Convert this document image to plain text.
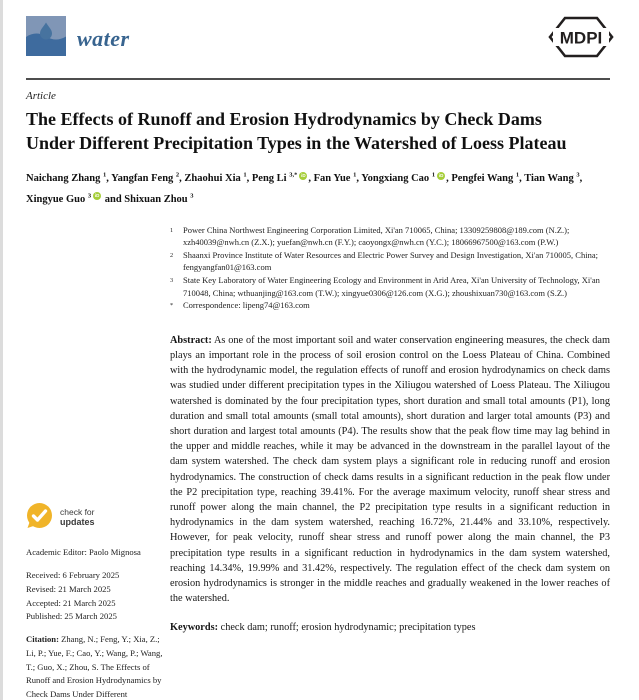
water	MDPI
Article
The Effects of Runoff and Erosion Hydrodynamics by Check Dams Under Different Precipitation Types in the Watershed of Loess Plateau
Naichang Zhang $^1$, Yangfan Feng $^2$, Zhaohui Xia $^1$, Peng Li $^{3,*}$ iD , Fan Yue $^1$, Yongxiang Cao $^1$ iD , Pengfei Wang $^1$, Tian Wang $^3$, Xingyue Guo $^3$ iD and Shixuan Zhou $^3$
check for
updates
Academic Editor: Paolo Mignosa
Received: 6 February 2025
Revised: 21 March 2025
Accepted: 21 March 2025
Published: 25 March 2025
Citation: Zhang, N.; Feng, Y.; Xia, Z.; Li, P.; Yue, F.; Cao, Y.; Wang, P.; Wang, T.; Guo, X.; Zhou, S. The Effects of Runoff and Erosion Hydrodynamics by Check Dams Under Different
1	Power China Northwest Engineering Corporation Limited, Xi'an 710065, China; 13309259808@189.com (N.Z.); xzh40039@nwh.cn (Z.X.); yuefan@nwh.cn (F.Y.); caoyongx@nwh.cn (Y.C.); 18066967500@163.com (P.W.)
2	Shaanxi Province Institute of Water Resources and Electric Power Survey and Design Investigation, Xi'an 710005, China; fengyangfan01@163.com
3	State Key Laboratory of Water Engineering Ecology and Environment in Arid Area, Xi'an University of Technology, Xi'an 710048, China; wthuanjing@163.com (T.W.); xingyue0306@126.com (X.G.); zhoushixuan730@163.com (S.Z.)
*	Correspondence: lipeng74@163.com
Abstract: As one of the most important soil and water conservation engineering measures, the check dam plays an important role in the process of soil erosion control on the Loess Plateau of China. Combined with the hydrodynamic model, the regulation effects of runoff and erosion hydrodynamics on check dams was studied under different precipitation types in the Xiliugou watershed of Loess Plateau. The Xiliugou watershed is dominated by the four precipitation types, short duration and small total amounts (P1), long duration and small total amounts (small total amounts), short duration and larger total amounts (P3) and short duration and largest total amounts (P4). The results show that the peak flow time may lag behind in the upper and middle reaches, while it may be advanced in the downstream in the parallel layout of the dam system watershed. The check dam system plays a significant role in reducing runoff and erosion hydrodynamics. The construction of check dams results in a significant reduction in the peak flow under the P2 precipitation type, reaching 39.41%. For the average maximum velocity, runoff shear stress and runoff power along the main channel, the P2 precipitation type results in a significant reduction in hydrodynamics in the dam system watershed, reaching 16.72%, 21.44% and 33.10%, respectively. However, for peak velocity, runoff shear stress and runoff power along the main channel, the P3 precipitation type results in a significant reduction in hydrodynamics in the dam system watershed, reaching 14.34%, 19.99% and 31.42%, respectively. The regulation effect of the check dam system on erosion hydrodynamics is stronger in the middle reaches and gradually weakened in the lower reaches of the watershed.
Keywords: check dam; runoff; erosion hydrodynamic; precipitation types
